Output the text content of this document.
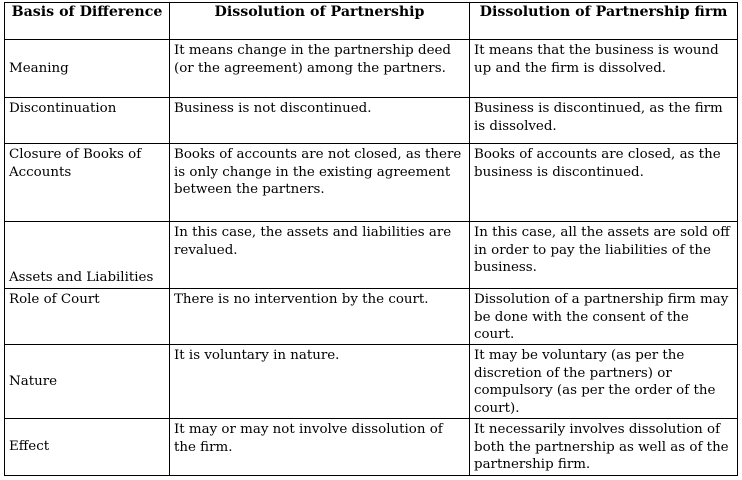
Basis of Difference	Dissolution of Partnership	Dissolution of Partnership firm
Meaning	It means change in the partnership deed (or the agreement) among the partners.	It means that the business is wound up and the firm is dissolved.
Discontinuation	Business is not discontinued.	Business is discontinued, as the firm is dissolved.
Closure of Books of Accounts	Books of accounts are not closed, as there is only change in the existing agreement between the partners.	Books of accounts are closed, as the business is discontinued.
Assets and Liabilities	In this case, the assets and liabilities are revalued.	In this case, all the assets are sold off in order to pay the liabilities of the business.
Role of Court	There is no intervention by the court.	Dissolution of a partnership firm may be done with the consent of the court.
Nature	It is voluntary in nature.	It may be voluntary (as per the discretion of the partners) or compulsory (as per the order of the court).
Effect	It may or may not involve dissolution of the firm.	It necessarily involves dissolution of both the partnership as well as of the partnership firm.
